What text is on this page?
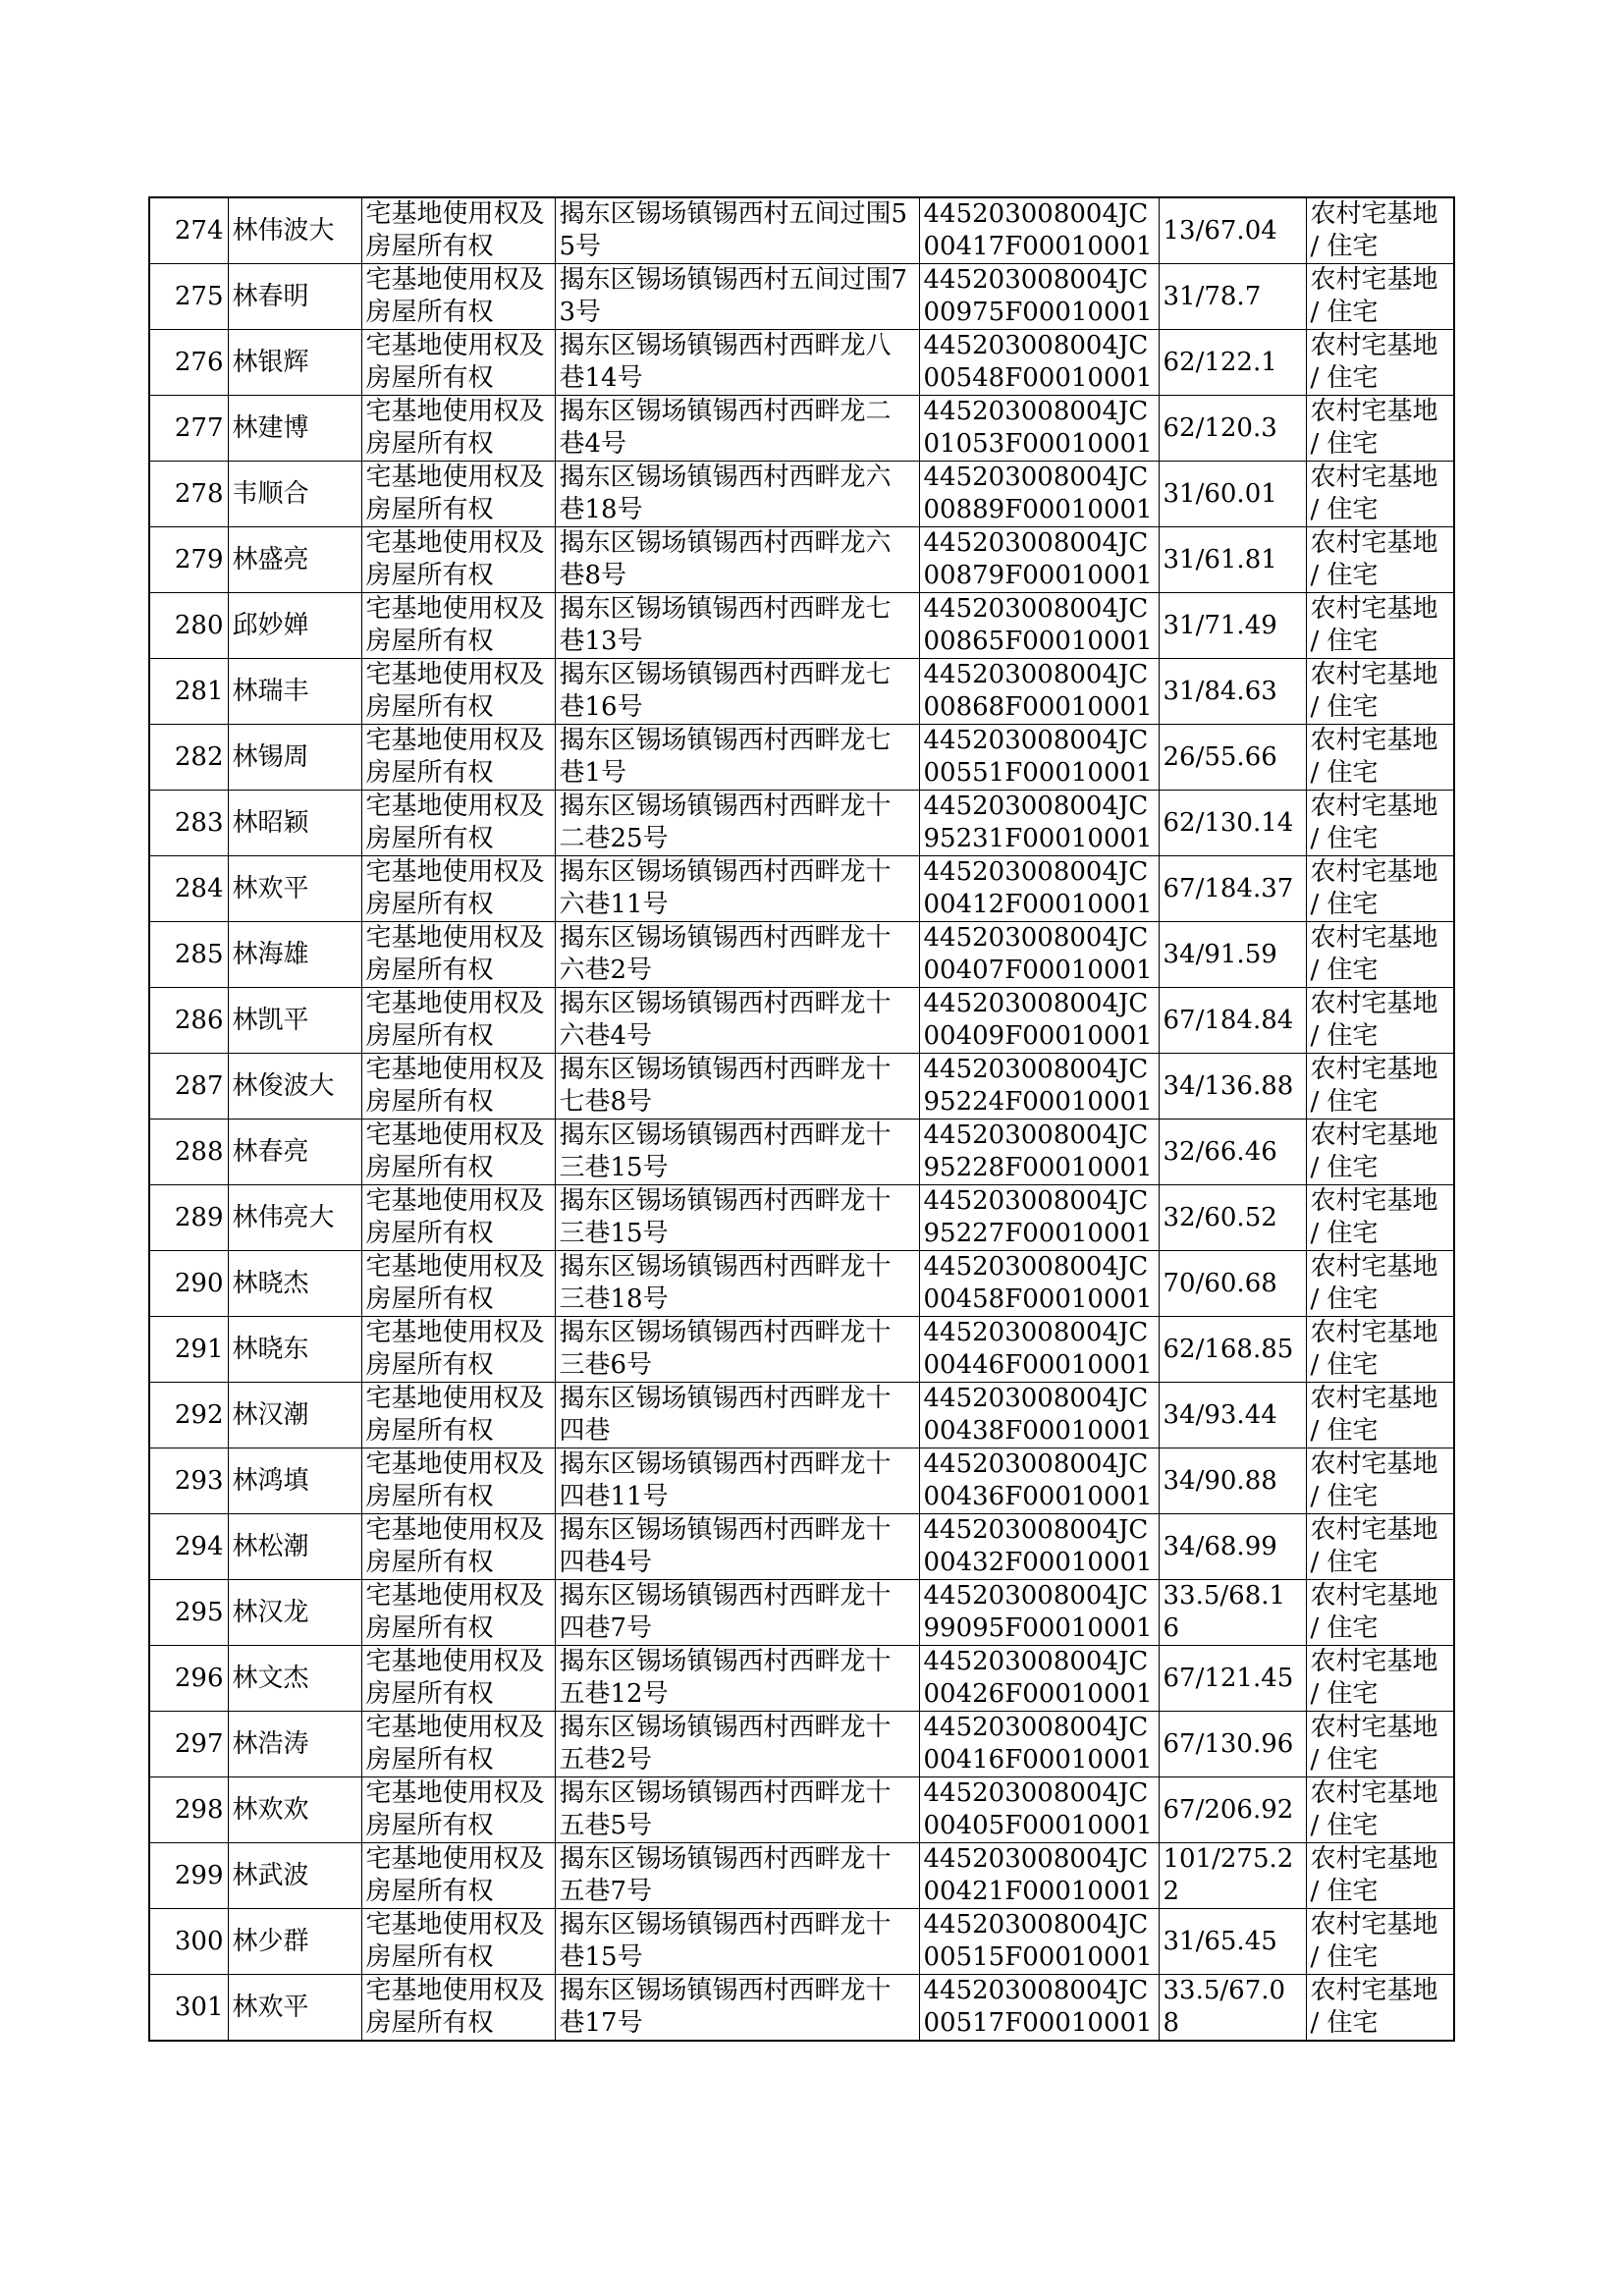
274	林伟波大	宅基地使用权及房屋所有权	揭东区锡场镇锡西村五间过围55号	445203008004JC00417F00010001	13/67.04	农村宅基地 / 住宅
275	林春明	宅基地使用权及房屋所有权	揭东区锡场镇锡西村五间过围73号	445203008004JC00975F00010001	31/78.7	农村宅基地 / 住宅
276	林银辉	宅基地使用权及房屋所有权	揭东区锡场镇锡西村西畔龙八巷14号	445203008004JC00548F00010001	62/122.1	农村宅基地 / 住宅
277	林建博	宅基地使用权及房屋所有权	揭东区锡场镇锡西村西畔龙二巷4号	445203008004JC01053F00010001	62/120.3	农村宅基地 / 住宅
278	韦顺合	宅基地使用权及房屋所有权	揭东区锡场镇锡西村西畔龙六巷18号	445203008004JC00889F00010001	31/60.01	农村宅基地 / 住宅
279	林盛亮	宅基地使用权及房屋所有权	揭东区锡场镇锡西村西畔龙六巷8号	445203008004JC00879F00010001	31/61.81	农村宅基地 / 住宅
280	邱妙婵	宅基地使用权及房屋所有权	揭东区锡场镇锡西村西畔龙七巷13号	445203008004JC00865F00010001	31/71.49	农村宅基地 / 住宅
281	林瑞丰	宅基地使用权及房屋所有权	揭东区锡场镇锡西村西畔龙七巷16号	445203008004JC00868F00010001	31/84.63	农村宅基地 / 住宅
282	林锡周	宅基地使用权及房屋所有权	揭东区锡场镇锡西村西畔龙七巷1号	445203008004JC00551F00010001	26/55.66	农村宅基地 / 住宅
283	林昭颖	宅基地使用权及房屋所有权	揭东区锡场镇锡西村西畔龙十二巷25号	445203008004JC95231F00010001	62/130.14	农村宅基地 / 住宅
284	林欢平	宅基地使用权及房屋所有权	揭东区锡场镇锡西村西畔龙十六巷11号	445203008004JC00412F00010001	67/184.37	农村宅基地 / 住宅
285	林海雄	宅基地使用权及房屋所有权	揭东区锡场镇锡西村西畔龙十六巷2号	445203008004JC00407F00010001	34/91.59	农村宅基地 / 住宅
286	林凯平	宅基地使用权及房屋所有权	揭东区锡场镇锡西村西畔龙十六巷4号	445203008004JC00409F00010001	67/184.84	农村宅基地 / 住宅
287	林俊波大	宅基地使用权及房屋所有权	揭东区锡场镇锡西村西畔龙十七巷8号	445203008004JC95224F00010001	34/136.88	农村宅基地 / 住宅
288	林春亮	宅基地使用权及房屋所有权	揭东区锡场镇锡西村西畔龙十三巷15号	445203008004JC95228F00010001	32/66.46	农村宅基地 / 住宅
289	林伟亮大	宅基地使用权及房屋所有权	揭东区锡场镇锡西村西畔龙十三巷15号	445203008004JC95227F00010001	32/60.52	农村宅基地 / 住宅
290	林晓杰	宅基地使用权及房屋所有权	揭东区锡场镇锡西村西畔龙十三巷18号	445203008004JC00458F00010001	70/60.68	农村宅基地 / 住宅
291	林晓东	宅基地使用权及房屋所有权	揭东区锡场镇锡西村西畔龙十三巷6号	445203008004JC00446F00010001	62/168.85	农村宅基地 / 住宅
292	林汉潮	宅基地使用权及房屋所有权	揭东区锡场镇锡西村西畔龙十四巷	445203008004JC00438F00010001	34/93.44	农村宅基地 / 住宅
293	林鸿填	宅基地使用权及房屋所有权	揭东区锡场镇锡西村西畔龙十四巷11号	445203008004JC00436F00010001	34/90.88	农村宅基地 / 住宅
294	林松潮	宅基地使用权及房屋所有权	揭东区锡场镇锡西村西畔龙十四巷4号	445203008004JC00432F00010001	34/68.99	农村宅基地 / 住宅
295	林汉龙	宅基地使用权及房屋所有权	揭东区锡场镇锡西村西畔龙十四巷7号	445203008004JC99095F00010001	33.5/68.16	农村宅基地 / 住宅
296	林文杰	宅基地使用权及房屋所有权	揭东区锡场镇锡西村西畔龙十五巷12号	445203008004JC00426F00010001	67/121.45	农村宅基地 / 住宅
297	林浩涛	宅基地使用权及房屋所有权	揭东区锡场镇锡西村西畔龙十五巷2号	445203008004JC00416F00010001	67/130.96	农村宅基地 / 住宅
298	林欢欢	宅基地使用权及房屋所有权	揭东区锡场镇锡西村西畔龙十五巷5号	445203008004JC00405F00010001	67/206.92	农村宅基地 / 住宅
299	林武波	宅基地使用权及房屋所有权	揭东区锡场镇锡西村西畔龙十五巷7号	445203008004JC00421F00010001	101/275.22	农村宅基地 / 住宅
300	林少群	宅基地使用权及房屋所有权	揭东区锡场镇锡西村西畔龙十巷15号	445203008004JC00515F00010001	31/65.45	农村宅基地 / 住宅
301	林欢平	宅基地使用权及房屋所有权	揭东区锡场镇锡西村西畔龙十巷17号	445203008004JC00517F00010001	33.5/67.08	农村宅基地 / 住宅
